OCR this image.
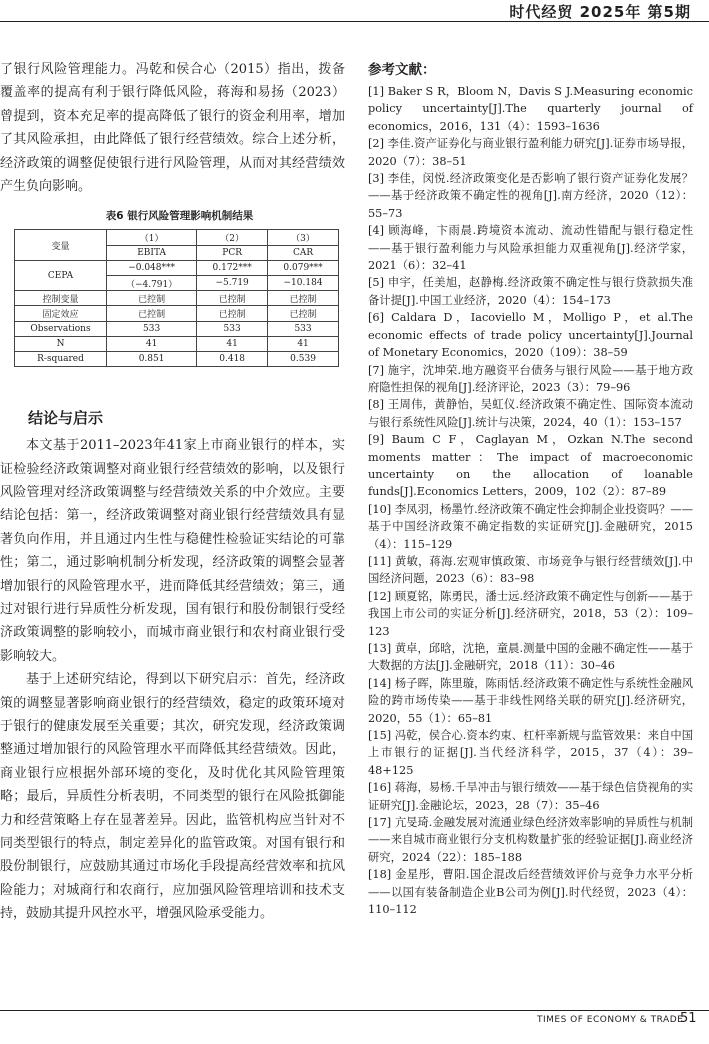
时代经贸 2025年 第5期

了银行风险管理能力。冯乾和侯合心（2015）指出，拨备覆盖率的提高有利于银行降低风险，蒋海和易扬（2023）曾提到，资本充足率的提高降低了银行的资金利用率，增加了其风险承担，由此降低了银行经营绩效。综合上述分析，经济政策的调整促使银行进行风险管理，从而对其经营绩效产生负向影响。

表6 银行风险管理影响机制结果
变量	（1）	（2）	（3）
	EBITA	PCR	CAR
CEPA	−0.048***	0.172***	0.079***
	（−4.791）	−5.719	−10.184
控制变量	已控制	已控制	已控制
固定效应	已控制	已控制	已控制
Observations	533	533	533
N	41	41	41
R-squared	0.851	0.418	0.539
结论与启示

本文基于2011–2023年41家上市商业银行的样本，实证检验经济政策调整对商业银行经营绩效的影响，以及银行风险管理对经济政策调整与经营绩效关系的中介效应。主要结论包括：第一，经济政策调整对商业银行经营绩效具有显著负向作用，并且通过内生性与稳健性检验证实结论的可靠性；第二，通过影响机制分析发现，经济政策的调整会显著增加银行的风险管理水平，进而降低其经营绩效；第三，通过对银行进行异质性分析发现，国有银行和股份制银行受经济政策调整的影响较小，而城市商业银行和农村商业银行受影响较大。

基于上述研究结论，得到以下研究启示：首先，经济政策的调整显著影响商业银行的经营绩效，稳定的政策环境对于银行的健康发展至关重要；其次，研究发现，经济政策调整通过增加银行的风险管理水平而降低其经营绩效。因此，商业银行应根据外部环境的变化，及时优化其风险管理策略；最后，异质性分析表明，不同类型的银行在风险抵御能力和经营策略上存在显著差异。因此，监管机构应当针对不同类型银行的特点，制定差异化的监管政策。对国有银行和股份制银行，应鼓励其通过市场化手段提高经营效率和抗风险能力；对城商行和农商行，应加强风险管理培训和技术支持，鼓励其提升风控水平，增强风险承受能力。

参考文献：

[1] Baker S R，Bloom N，Davis S J.Measuring economic policy uncertainty[J].The quarterly journal of economics，2016，131（4）：1593–1636

[2] 李佳.资产证券化与商业银行盈利能力研究[J].证券市场导报，2020（7）：38–51

[3] 李佳，闵悦.经济政策变化是否影响了银行资产证券化发展？——基于经济政策不确定性的视角[J].南方经济，2020（12）：55–73

[4] 顾海峰，卞雨晨.跨境资本流动、流动性错配与银行稳定性——基于银行盈利能力与风险承担能力双重视角[J].经济学家，2021（6）：32–41

[5] 申宇，任美旭，赵静梅.经济政策不确定性与银行贷款损失准备计提[J].中国工业经济，2020（4）：154–173

[6] Caldara D，Iacoviello M，Molligo P，et al.The economic effects of trade policy uncertainty[J].Journal of Monetary Economics，2020（109）：38–59

[7] 施宇，沈坤荣.地方融资平台债务与银行风险——基于地方政府隐性担保的视角[J].经济评论，2023（3）：79–96

[8] 王周伟，黄静怡，吴虹仪.经济政策不确定性、国际资本流动与银行系统性风险[J].统计与决策，2024，40（1）：153–157

[9] Baum C F，Caglayan M，Ozkan N.The second moments matter：The impact of macroeconomic uncertainty on the allocation of loanable funds[J].Economics Letters，2009，102（2）：87–89

[10] 李凤羽，杨墨竹.经济政策不确定性会抑制企业投资吗？——基于中国经济政策不确定指数的实证研究[J].金融研究，2015（4）：115–129

[11] 黄敏，蒋海.宏观审慎政策、市场竞争与银行经营绩效[J].中国经济问题，2023（6）：83–98

[12] 顾夏铭，陈勇民，潘士远.经济政策不确定性与创新——基于我国上市公司的实证分析[J].经济研究，2018，53（2）：109–123

[13] 黄卓，邱晗，沈艳，童晨.测量中国的金融不确定性——基于大数据的方法[J].金融研究，2018（11）：30–46

[14] 杨子晖，陈里璇，陈雨恬.经济政策不确定性与系统性金融风险的跨市场传染——基于非线性网络关联的研究[J].经济研究，2020，55（1）：65–81

[15] 冯乾，侯合心.资本约束、杠杆率新规与监管效果：来自中国上市银行的证据[J].当代经济科学，2015，37（4）：39–48+125

[16] 蒋海，易杨.千旱冲击与银行绩效——基于绿色信贷视角的实证研究[J].金融论坛，2023，28（7）：35–46

[17] 亢旻琦.金融发展对流通业绿色经济效率影响的异质性与机制——来自城市商业银行分支机构数量扩张的经验证据[J].商业经济研究，2024（22）：185–188

[18] 金星彤，曹阳.国企混改后经营绩效评价与竞争力水平分析——以国有装备制造企业B公司为例[J].时代经贸，2023（4）：110–112

TIMES OF ECONOMY & TRADE
51
